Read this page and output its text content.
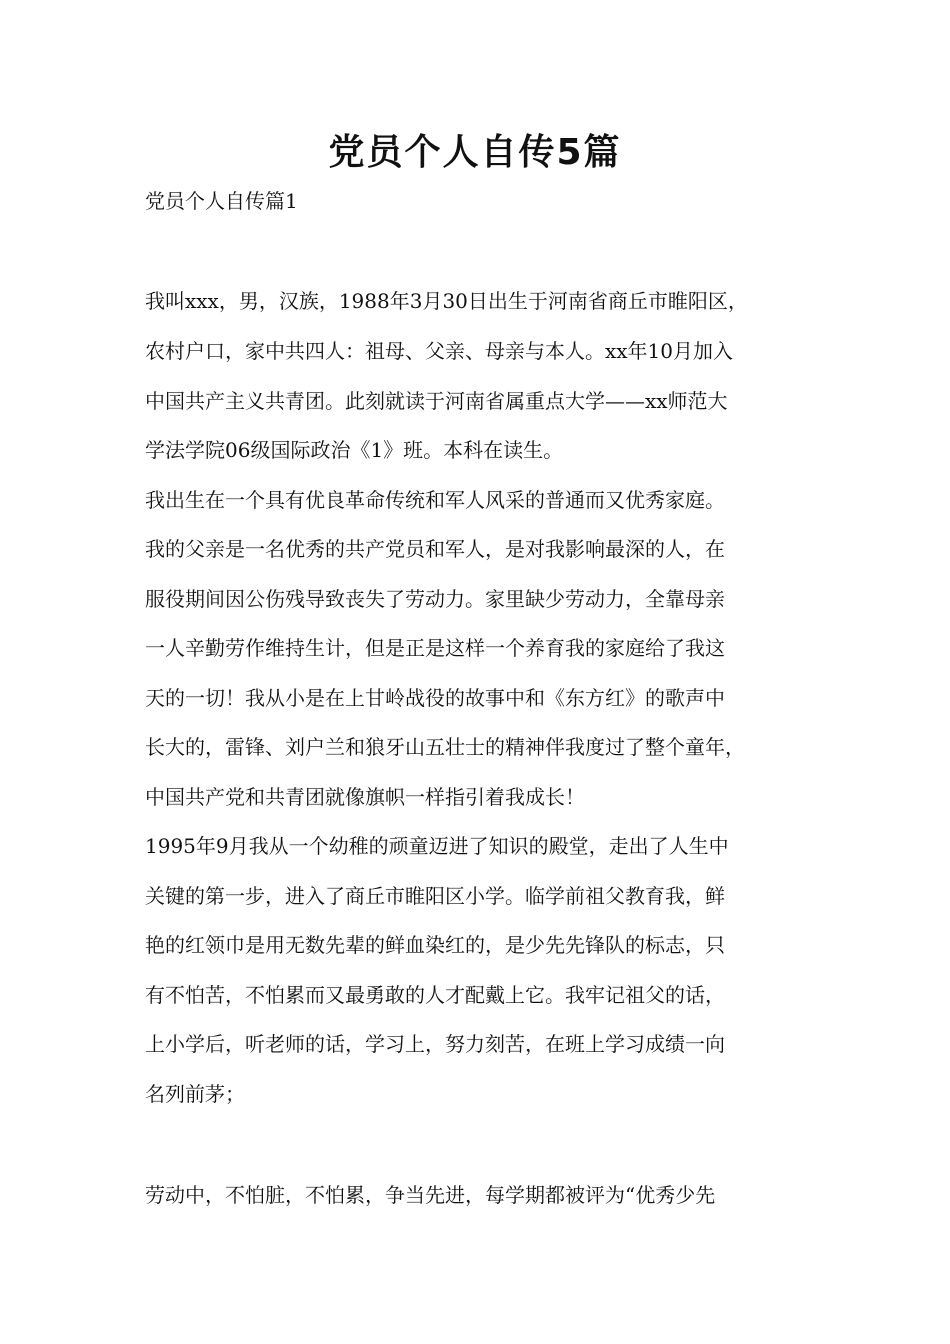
党员个人自传5篇

党员个人自传篇1

我叫xxx，男，汉族，1988年3月30日出生于河南省商丘市睢阳区，

农村户口，家中共四人：祖母、父亲、母亲与本人。xx年10月加入

中国共产主义共青团。此刻就读于河南省属重点大学——xx师范大

学法学院06级国际政治《1》班。本科在读生。

我出生在一个具有优良革命传统和军人风采的普通而又优秀家庭。

我的父亲是一名优秀的共产党员和军人，是对我影响最深的人，在

服役期间因公伤残导致丧失了劳动力。家里缺少劳动力，全靠母亲

一人辛勤劳作维持生计，但是正是这样一个养育我的家庭给了我这

天的一切！我从小是在上甘岭战役的故事中和《东方红》的歌声中

长大的，雷锋、刘户兰和狼牙山五壮士的精神伴我度过了整个童年，

中国共产党和共青团就像旗帜一样指引着我成长！

1995年9月我从一个幼稚的顽童迈进了知识的殿堂，走出了人生中

关键的第一步，进入了商丘市睢阳区小学。临学前祖父教育我，鲜

艳的红领巾是用无数先辈的鲜血染红的，是少先先锋队的标志，只

有不怕苦，不怕累而又最勇敢的人才配戴上它。我牢记祖父的话，

上小学后，听老师的话，学习上，努力刻苦，在班上学习成绩一向

名列前茅；

劳动中，不怕脏，不怕累，争当先进，每学期都被评为“优秀少先
